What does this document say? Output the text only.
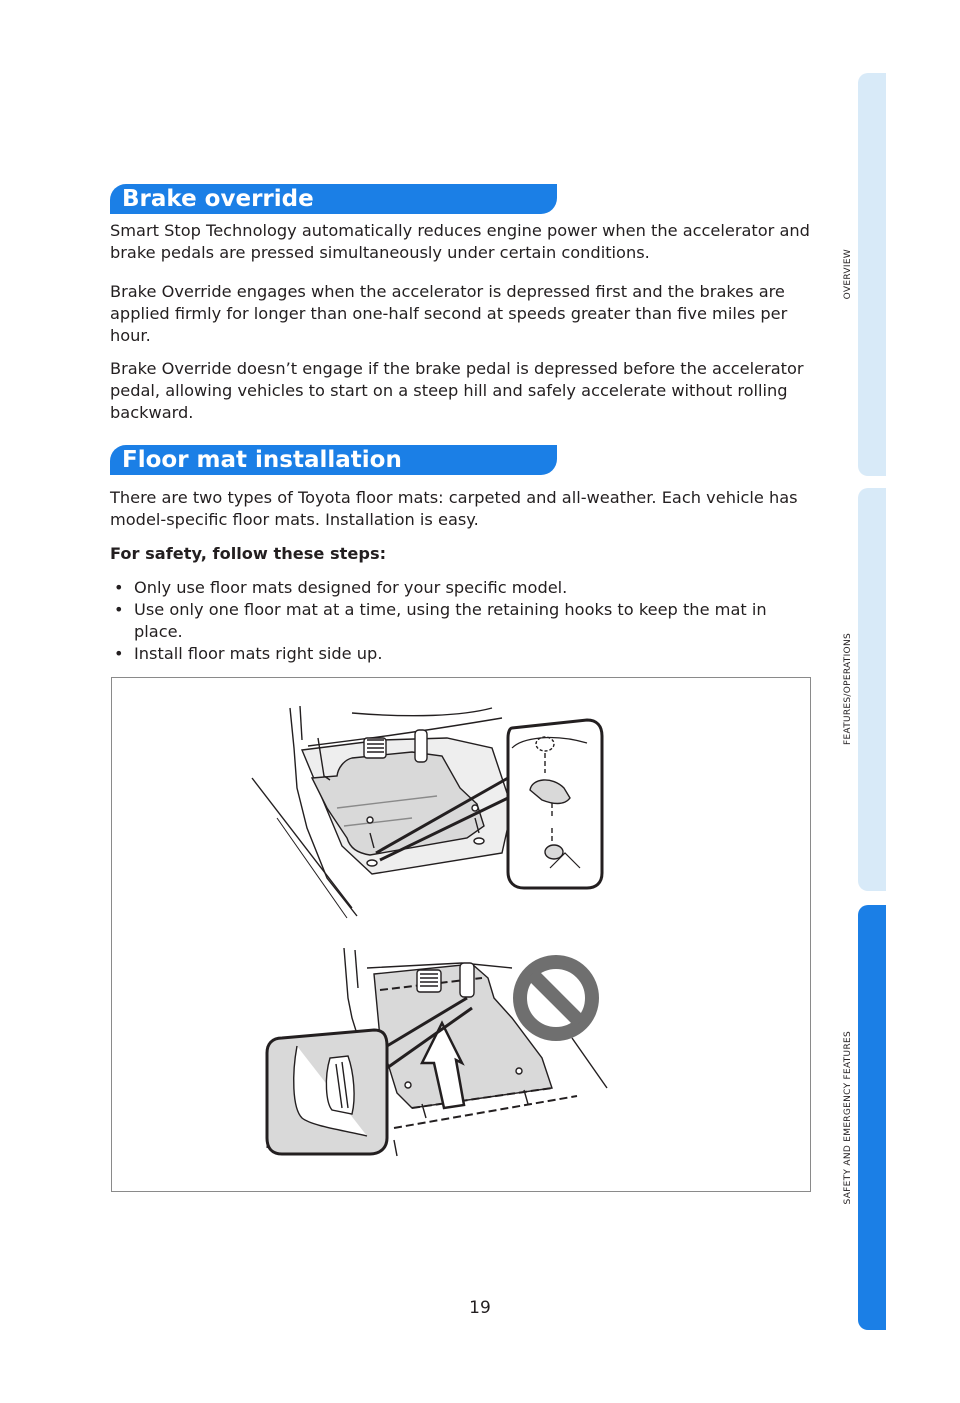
Brake override

Smart Stop Technology automatically reduces engine power when the accelerator and brake pedals are pressed simultaneously under certain conditions.

Brake Override engages when the accelerator is depressed first and the brakes are applied firmly for longer than one-half second at speeds greater than five miles per hour.

Brake Override doesn’t engage if the brake pedal is depressed before the accelerator pedal, allowing vehicles to start on a steep hill and safely accelerate without rolling backward.

Floor mat installation

There are two types of Toyota floor mats: carpeted and all-weather. Each vehicle has model-specific floor mats. Installation is easy.

For safety, follow these steps:

• Only use floor mats designed for your specific model.
• Use only one floor mat at a time, using the retaining hooks to keep the mat in place.
• Install floor mats right side up.
19
OVERVIEW
FEATURES/OPERATIONS
SAFETY AND EMERGENCY FEATURES
